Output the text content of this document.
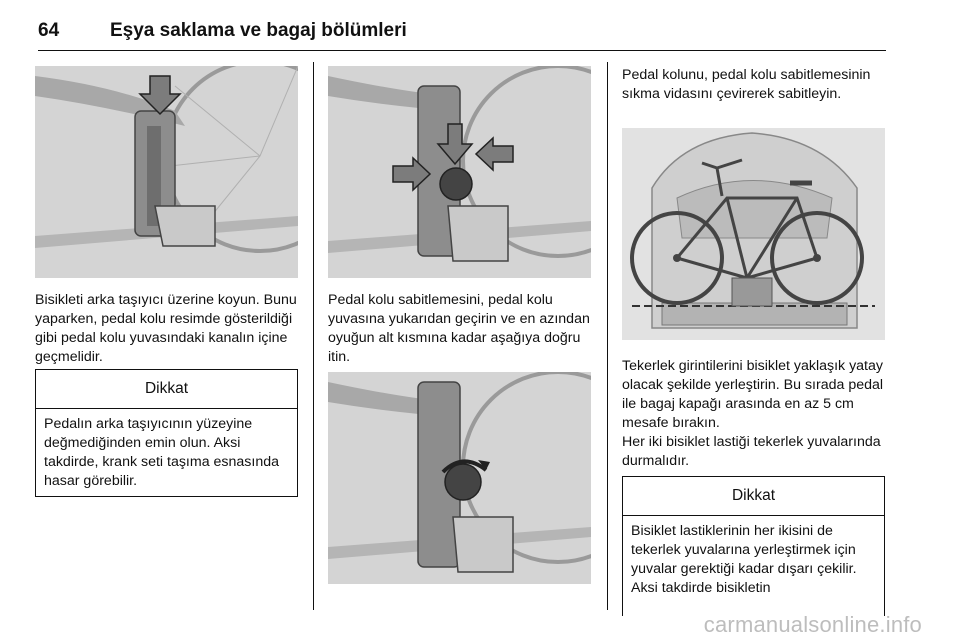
64	Eşya saklama ve bagaj bölümleri

Bisikleti arka taşıyıcı üzerine koyun. Bunu yaparken, pedal kolu resimde gösterildiği gibi pedal kolu yuvasındaki kanalın içine geçmelidir.

Dikkat
Pedalın arka taşıyıcının yüzeyine değmediğinden emin olun. Aksi takdirde, krank seti taşıma esnasında hasar görebilir.

Pedal kolu sabitlemesini, pedal kolu yuvasına yukarıdan geçirin ve en azından oyuğun alt kısmına kadar aşağıya doğru itin.

Pedal kolunu, pedal kolu sabitlemesinin sıkma vidasını çevirerek sabitleyin.

Tekerlek girintilerini bisiklet yaklaşık yatay olacak şekilde yerleştirin. Bu sırada pedal ile bagaj kapağı arasında en az 5 cm mesafe bırakın.

Her iki bisiklet lastiği tekerlek yuvalarında durmalıdır.

Dikkat
Bisiklet lastiklerinin her ikisini de tekerlek yuvalarına yerleştirmek için yuvalar gerektiği kadar dışarı çekilir. Aksi takdirde bisikletin
carmanualsonline.info
